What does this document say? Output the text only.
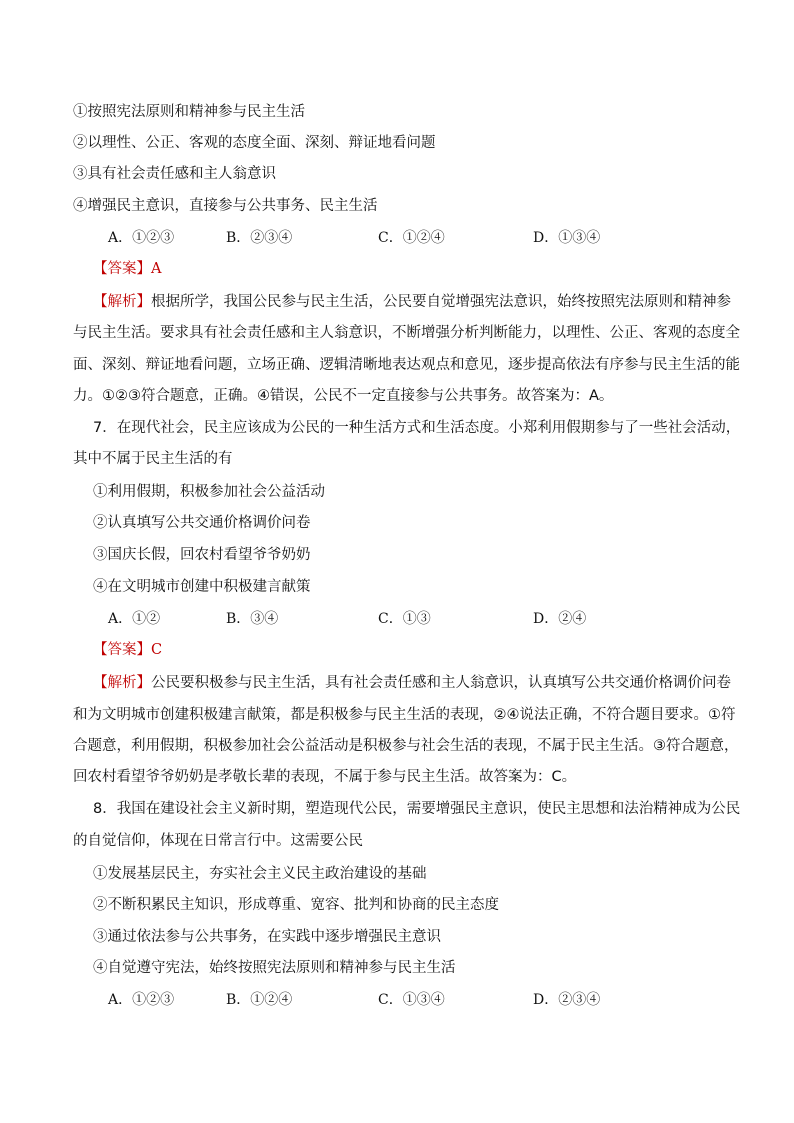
①按照宪法原则和精神参与民主生活
②以理性、公正、客观的态度全面、深刻、辩证地看问题
③具有社会责任感和主人翁意识
④增强民主意识，直接参与公共事务、民主生活
A．①②③	B．②③④	C．①②④	D．①③④
【答案】A
【解析】根据所学，我国公民参与民主生活，公民要自觉增强宪法意识，始终按照宪法原则和精神参
与民主生活。要求具有社会责任感和主人翁意识，不断增强分析判断能力，以理性、公正、客观的态度全
面、深刻、辩证地看问题，立场正确、逻辑清晰地表达观点和意见，逐步提高依法有序参与民主生活的能
力。①②③符合题意，正确。④错误，公民不一定直接参与公共事务。故答案为：A。
7．在现代社会，民主应该成为公民的一种生活方式和生活态度。小郑利用假期参与了一些社会活动，
其中不属于民主生活的有
①利用假期，积极参加社会公益活动
②认真填写公共交通价格调价问卷
③国庆长假，回农村看望爷爷奶奶
④在文明城市创建中积极建言献策
A．①②	B．③④	C．①③	D．②④
【答案】C
【解析】公民要积极参与民主生活，具有社会责任感和主人翁意识，认真填写公共交通价格调价问卷
和为文明城市创建积极建言献策，都是积极参与民主生活的表现，②④说法正确，不符合题目要求。①符
合题意，利用假期，积极参加社会公益活动是积极参与社会生活的表现，不属于民主生活。③符合题意，
回农村看望爷爷奶奶是孝敬长辈的表现，不属于参与民主生活。故答案为：C。
8．我国在建设社会主义新时期，塑造现代公民，需要增强民主意识，使民主思想和法治精神成为公民
的自觉信仰，体现在日常言行中。这需要公民
①发展基层民主，夯实社会主义民主政治建设的基础
②不断积累民主知识，形成尊重、宽容、批判和协商的民主态度
③通过依法参与公共事务，在实践中逐步增强民主意识
④自觉遵守宪法，始终按照宪法原则和精神参与民主生活
A．①②③	B．①②④	C．①③④	D．②③④
